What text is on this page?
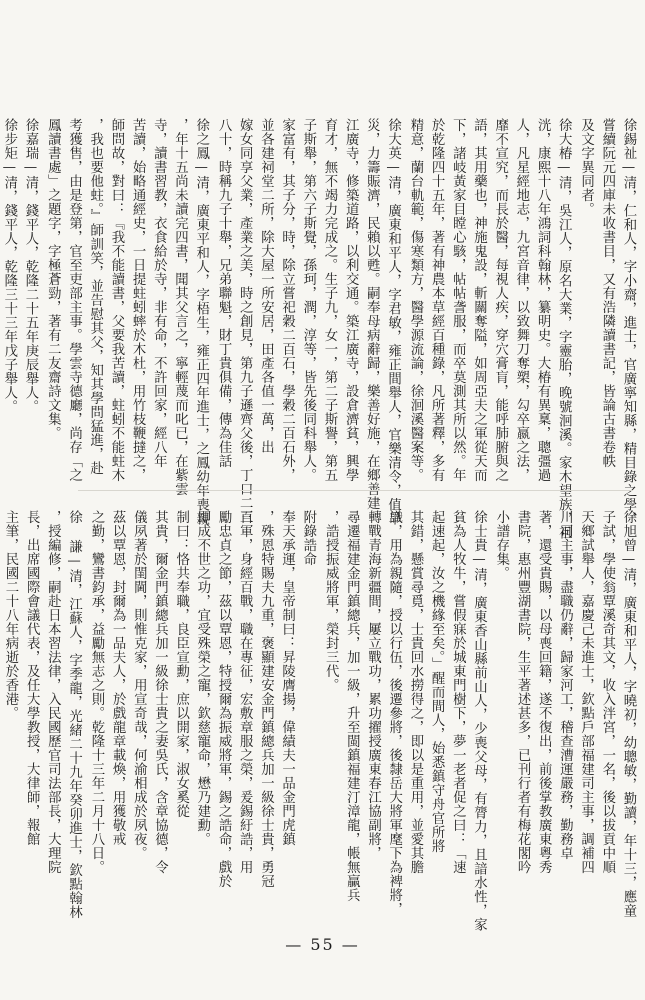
徐錫祉—清，仁和人，字小齋，進士，官廣寧知縣，精目錄之學，
嘗續阮元四庫未收書目，又有浩隣讀書記，皆論古書卷帙
及文字異同者。
徐大椿—清，吳江人，原名大業，字靈胎，晚號洄溪。家木望族，祖
洸，康熙十八年鴻詞科翰林，纂明史。大椿有異稟，聰彊過
人，凡星經地志，九宮音律，以致舞刀奪槊，勾卒嬴之法，
靡不宣究，而長於醫，每視人疾，穿穴膏肓，能呼肺腑與之
語，其用藥也，神施鬼設，斬關奪隘，如周亞夫之軍從天而
下，諸岐黃家目瞠心駭，帖帖詟服，而卒莫測其所以然。年
於乾隆四十五年，著有神農本草經百種錄，凡所著釋，多有
精意，蘭台軌範，傷寒類方，醫學源流論，徐洄溪醫案等。
徐大英—清，廣東和平人，字君敏，雍正間舉人，官樂清令，值旱
災，力籌賑濟，民賴以甦。嗣奉母病辭歸，樂善好施，在鄉善建
江廣寺，修築道路，以利交通。築江廣寺，設倉濟貧，興學
育才，無不竭力完成之。生子九，女一，第二子斯譽，第五
子斯舉，第六子斯覺，孫珂，潤，淳等，皆先後同科舉人。
家富有，其子分，時，除立嘗祀穀二百石，學穀二百石外，
並各建祠堂二所，除大屋一所安居，田產各值一萬，出
嫁女同享父業，產業之美，時之創見，第九子遜齊父後，丁口二百
八十，時稱九子十舉，兄弟聯魁，財丁貴俱備，傳為佳話
徐之鳳—清，廣東平和人，字梧生，雍正四年進士，之鳳幼年喪親
，年十五尚未讀完四書，聞其父言之，寧輕蔑而叱已，在紫雲
寺，讀書習教，衣食給於寺，非有命，不許回家，經八年
苦讀，始略通經史，一日提蛀蚓蟀於木杜，用竹枝鞭撻之，
師問故，對曰：『我不能讀書，父要我苦讀，蛀蚓不能蛀木
，我也要他蛀。』師訓笑，並告慰其父，知其學問猛進，赴
考獲售，由是登第，官至吏部主事。學雲寺德廳，尚存「之
鳳讀書處」之題字，字極蒼勁，著有二友齋詩文集。
徐嘉瑞—清，錢平人，乾隆二十五年庚辰舉人。
徐步矩—清，錢平人，乾隆三十三年戊子舉人。
徐旭曾—清，廣東和平人，字曉初，幼聰敏，勤讀，年十三，應童
子試，學使翁覃溪奇其文，收入泮宮，一名，後以拔貢中順
天鄉試舉人，嘉慶己未進士，欽點戶部福建司主事，調補四
川司主事，盡職仍辭，歸家河工，稽查漕運嚴務，勤務卓
著，還受貴賜，以母喪回籍，遂不復出，前後掌教廣東粵秀
書院，惠州豐湖書院，生平著述甚多，已刊行者有梅花閣吟
小譜存集。
徐士貴—清，廣東香山縣前山人，少喪父母，有膂力，且諳水性，家
貧為人牧牛，嘗假寐於城東門樹下，夢一老者促之曰：「速
起速起，汝之機緣至矣。」醒而間人，始悉鎮守舟官所將
其錯，懸賞尋覓，士貴回水撈得之，即以是重用，並愛其膽
識，用為親隨，授以行伍，後遷參將，後隸岳大將軍麾下為裨將，
轉戰青海新疆間，屢立戰功，累功擢授廣東春江協副將，
尋遷福建金門鎮總兵，加一級，升至閩鎮福建汀漳龍，帳無贏兵
，誥授振威將軍，榮封三代。
附錄誥命
奉天承運，皇帝制曰：昇陵膺揚，偉績夫一品金門虎鎮
，殊恩特賜夫九重，褒顯建安金門鎮總兵加一級徐士貴，勇冠
三軍，身經百戰，職在專征，宏敷章服之榮，爰錫紆誥，用
勵忠貞之節，茲以覃恩，特授爾為振威將軍，錫之誥命，戲於
即成不世之功，宜受殊榮之寵，欽慈寵命，懋乃建勳。
制曰：恪共奉職，良臣宣勳，庶以開家，淑女奚從
其貴，爾金門鎮總兵加一級徐士貴之妻吳氏，含章協德，令
儀夙著於閨閫，則惟克家，用宣奇哉，何渝相成於夙夜。
茲以覃恩，封爾為一品夫人，於戲龍章載煥，用獲敬戒
之勤，鸞書鈞承，益勵無志之則。乾隆十三年二月十八日。
徐 謙—清，江蘇人，字季龍，光緒二十九年癸卯進士，欽點翰林
，授編修，嗣赴日本習法律，入民國歷官司法部長，大理院
長，出席國際會議代表，及任大學教授，大律師，報館
主筆，民國二十八年病逝於香港。
— 55 —
